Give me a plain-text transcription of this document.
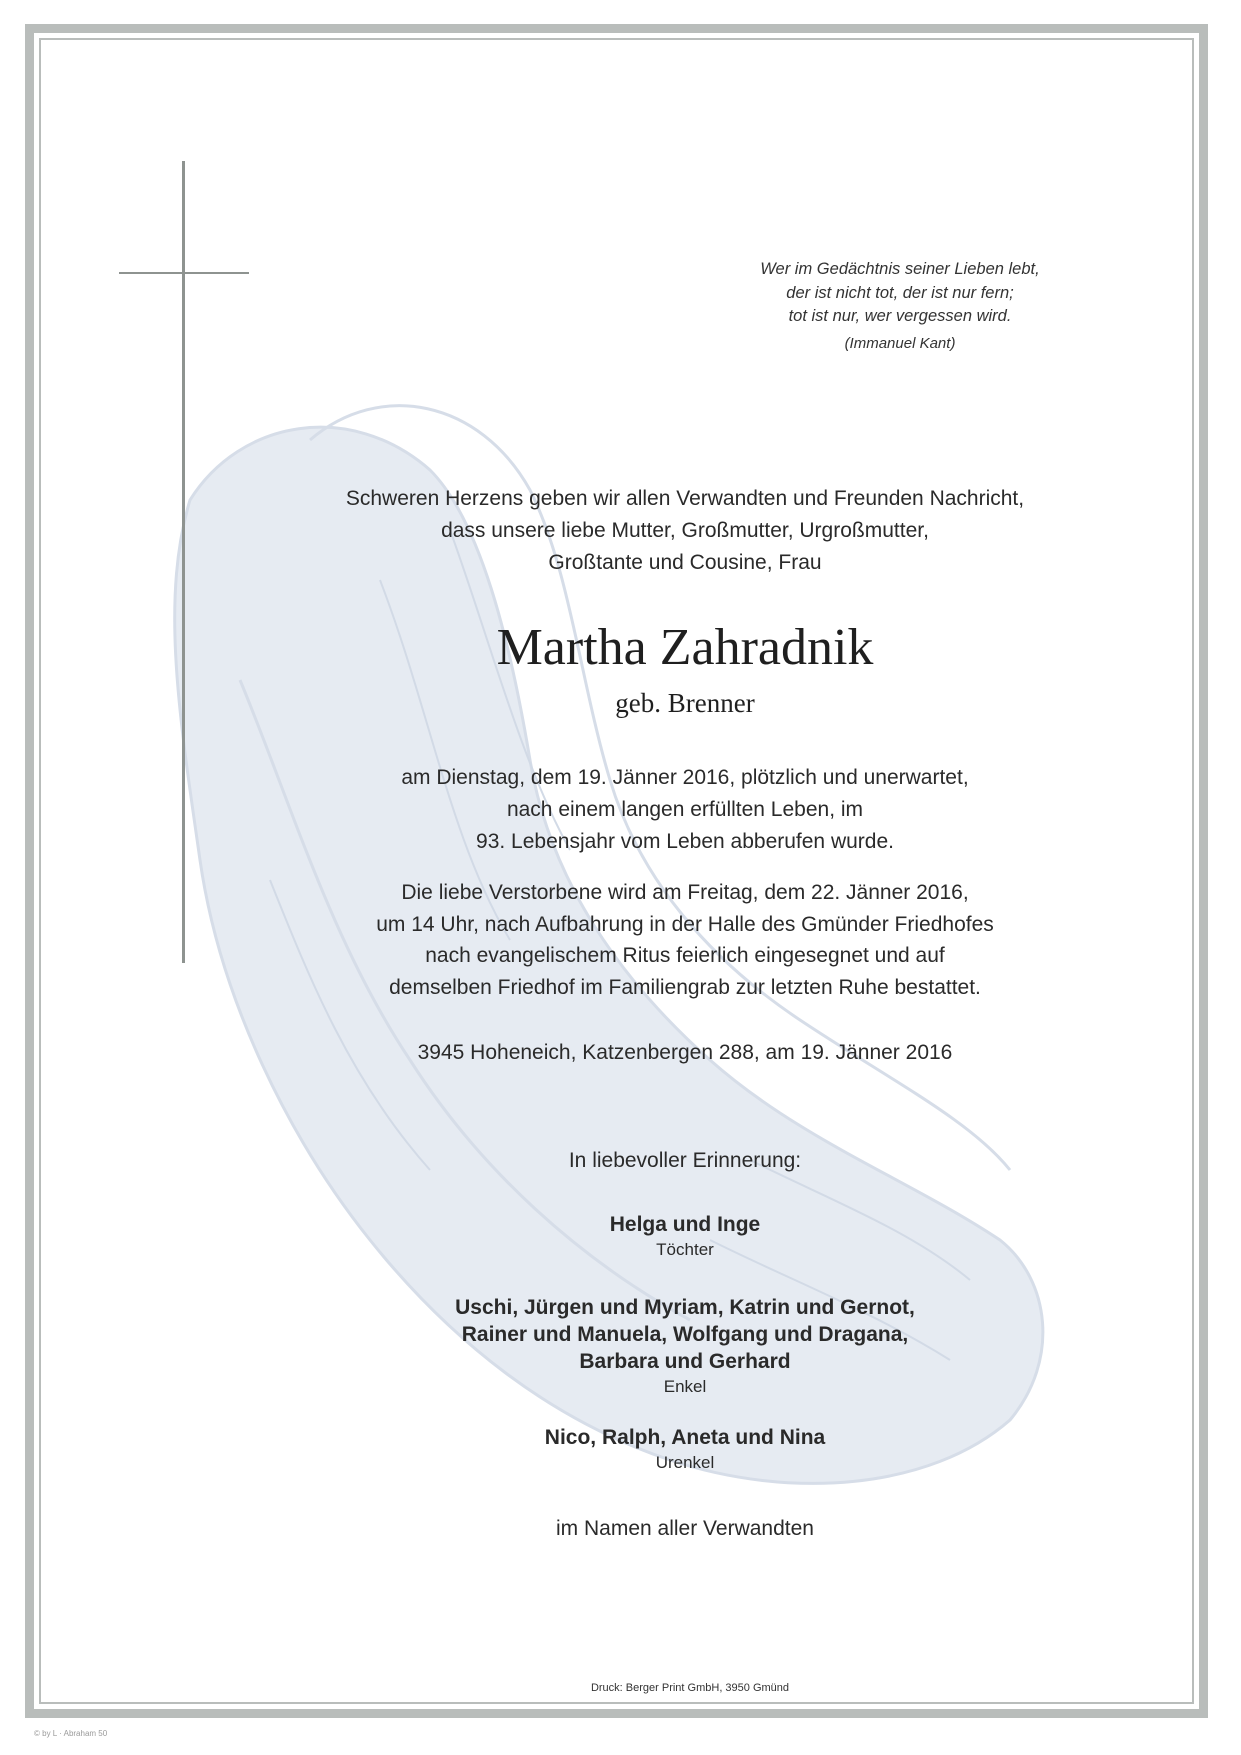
Wer im Gedächtnis seiner Lieben lebt,
der ist nicht tot, der ist nur fern;
tot ist nur, wer vergessen wird.
(Immanuel Kant)
Schweren Herzens geben wir allen Verwandten und Freunden Nachricht,
dass unsere liebe Mutter, Großmutter, Urgroßmutter,
Großtante und Cousine, Frau
Martha Zahradnik
geb. Brenner
am Dienstag, dem 19. Jänner 2016, plötzlich und unerwartet,
nach einem langen erfüllten Leben, im
93. Lebensjahr vom Leben abberufen wurde.
Die liebe Verstorbene wird am Freitag, dem 22. Jänner 2016,
um 14 Uhr, nach Aufbahrung in der Halle des Gmünder Friedhofes
nach evangelischem Ritus feierlich eingesegnet und auf
demselben Friedhof im Familiengrab zur letzten Ruhe bestattet.
3945 Hoheneich, Katzenbergen 288, am 19. Jänner 2016
In liebevoller Erinnerung:
Helga und Inge
Töchter
Uschi, Jürgen und Myriam, Katrin und Gernot,
Rainer und Manuela, Wolfgang und Dragana,
Barbara und Gerhard
Enkel
Nico, Ralph, Aneta und Nina
Urenkel
im Namen aller Verwandten
Druck: Berger Print GmbH, 3950 Gmünd
© by L · Abraham 50
